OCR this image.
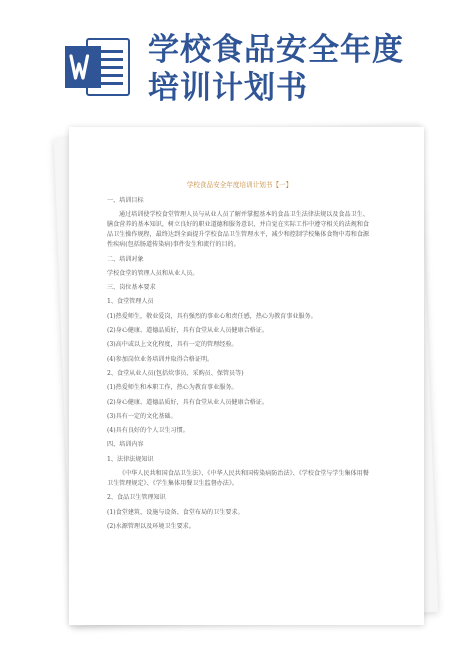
学校食品安全年度
培训计划书

学校食品安全年度培训计划书【一】

一、培训目标

通过培训使学校食堂管理人员与从业人员了解并掌握基本的食品卫生法律法规以及食品卫生、膳食营养的基本知识，树立良好的职业道德和服务意识，并自觉在实际工作中遵守相关的法规和食品卫生操作规程，最终达到全面提升学校食品卫生管理水平，减少和控制学校集体食物中毒和食源性疾病(包括肠道传染病)事件发生和流行的目的。

二、培训对象

学校食堂的管理人员和从业人员。

三、岗位基本要求

1、食堂管理人员

(1)热爱师生，敬业爱岗，具有强烈的事业心和责任感，热心为教育事业服务。

(2)身心健康、道德品质好，具有食堂从业人员健康合格证。

(3)高中或以上文化程度，具有一定的管理经验。

(4)参加岗位业务培训并取得合格证明。

2、食堂从业人员(包括炊事员、采购员、保管员等)

(1)热爱师生和本职工作，热心为教育事业服务。

(2)身心健康、道德品质好，具有食堂从业人员健康合格证。

(3)具有一定的文化基础。

(4)具有良好的个人卫生习惯。

四、培训内容

1、法律法规知识

《中华人民共和国食品卫生法》、《中华人民共和国传染病防治法》、《学校食堂与学生集体用餐卫生管理规定》、《学生集体用餐卫生监督办法》。

2、食品卫生管理知识

(1)食堂建筑、设施与设备、食堂布局的卫生要求。

(2)水源管理以及环境卫生要求。
